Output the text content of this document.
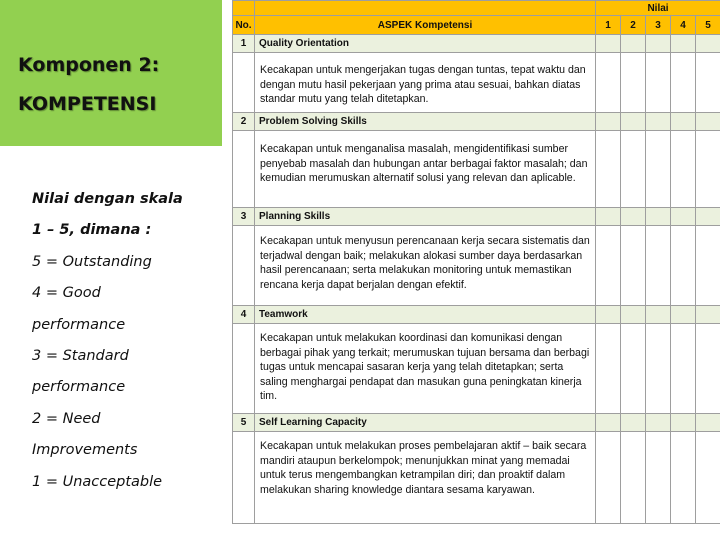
Komponen 2:
KOMPETENSI
Nilai dengan skala
1 – 5, dimana :
5 = Outstanding
4 = Good
performance
3 = Standard
performance
2 = Need
Improvements
1 = Unacceptable
		Nilai				
No.	ASPEK Kompetensi	1	2	3	4	5
1	Quality Orientation					

	Kecakapan untuk mengerjakan tugas dengan tuntas, tepat waktu dan dengan mutu hasil pekerjaan yang prima atau sesuai, bahkan diatas standar mutu yang telah ditetapkan.					

2	Problem Solving Skills					

	Kecakapan untuk menganalisa masalah, mengidentifikasi sumber penyebab masalah dan hubungan antar berbagai faktor masalah; dan kemudian merumuskan alternatif solusi yang relevan dan aplicable.					

3	Planning Skills					

	Kecakapan untuk menyusun perencanaan kerja secara sistematis dan terjadwal dengan baik; melakukan alokasi sumber daya berdasarkan hasil perencanaan; serta melakukan monitoring untuk memastikan rencana kerja dapat berjalan dengan efektif.					

4	Teamwork					

	Kecakapan untuk melakukan koordinasi dan komunikasi dengan berbagai pihak yang terkait; merumuskan tujuan bersama dan berbagi tugas untuk mencapai sasaran kerja yang telah ditetapkan; serta saling menghargai pendapat dan masukan guna peningkatan kinerja tim.					

5	Self Learning Capacity					

	Kecakapan untuk melakukan proses pembelajaran aktif – baik secara mandiri ataupun berkelompok; menunjukkan minat yang memadai untuk terus mengembangkan ketrampilan diri; dan proaktif dalam melakukan sharing knowledge diantara sesama karyawan.					
